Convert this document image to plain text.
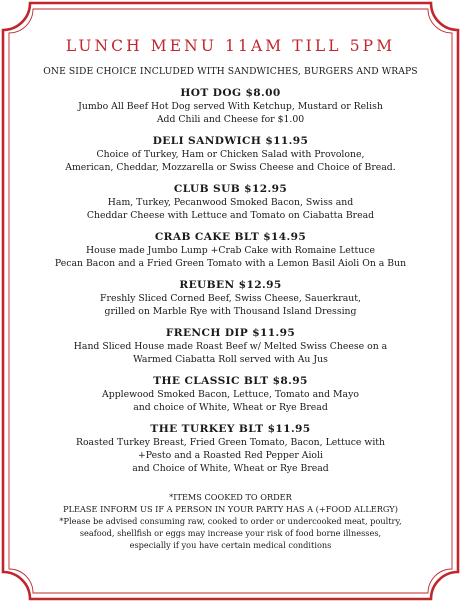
LUNCH MENU 11AM TILL 5PM
ONE SIDE CHOICE INCLUDED WITH SANDWICHES, BURGERS AND WRAPS
HOT DOG $8.00
Jumbo All Beef Hot Dog served With Ketchup, Mustard or Relish
Add Chili and Cheese for $1.00
DELI SANDWICH $11.95
Choice of Turkey, Ham or Chicken Salad with Provolone,
American, Cheddar, Mozzarella or Swiss Cheese and Choice of Bread.
CLUB SUB $12.95
Ham, Turkey, Pecanwood Smoked Bacon, Swiss and
Cheddar Cheese with Lettuce and Tomato on Ciabatta Bread
CRAB CAKE BLT $14.95
House made Jumbo Lump +Crab Cake with Romaine Lettuce
Pecan Bacon and a Fried Green Tomato with a Lemon Basil Aioli On a Bun
REUBEN $12.95
Freshly Sliced Corned Beef, Swiss Cheese, Sauerkraut,
grilled on Marble Rye with Thousand Island Dressing
FRENCH DIP $11.95
Hand Sliced House made Roast Beef w/ Melted Swiss Cheese on a
Warmed Ciabatta Roll served with Au Jus
THE CLASSIC BLT $8.95
Applewood Smoked Bacon, Lettuce, Tomato and Mayo
and choice of White, Wheat or Rye Bread
THE TURKEY BLT $11.95
Roasted Turkey Breast, Fried Green Tomato, Bacon, Lettuce with
+Pesto and a Roasted Red Pepper Aioli
and Choice of White, Wheat or Rye Bread
*ITEMS COOKED TO ORDER
PLEASE INFORM US IF A PERSON IN YOUR PARTY HAS A (+FOOD ALLERGY)
*Please be advised consuming raw, cooked to order or undercooked meat, poultry,
seafood, shellfish or eggs may increase your risk of food borne illnesses,
especially if you have certain medical conditions
